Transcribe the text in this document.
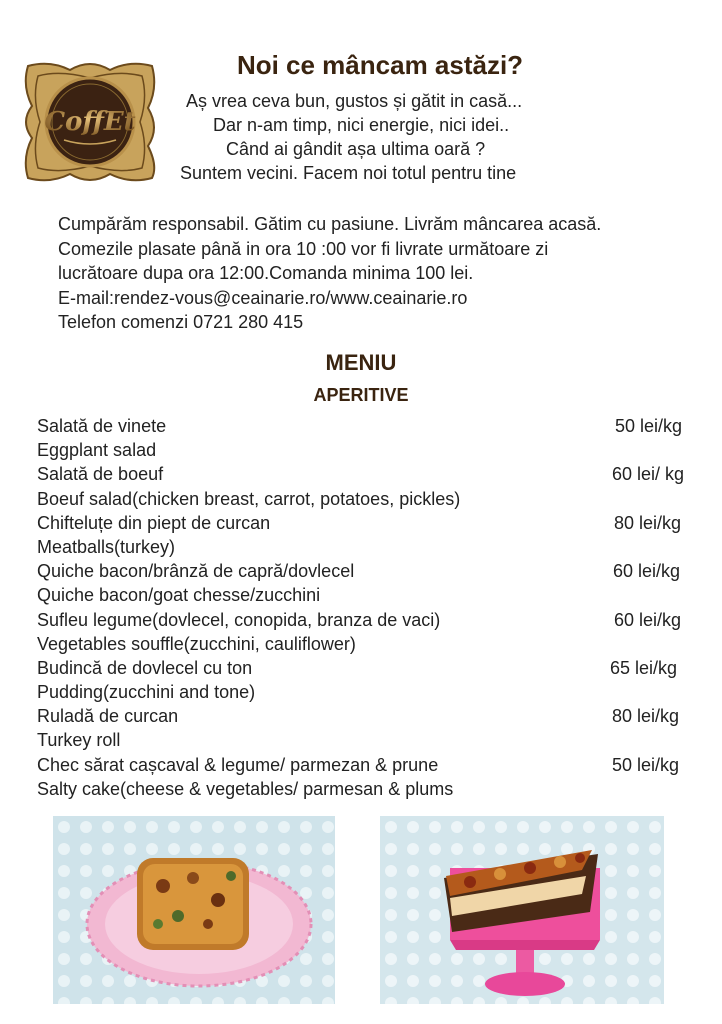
CoffEt
Noi ce mâncam astăzi?
Aș vrea ceva bun, gustos și gătit in casă...
Dar n-am timp, nici energie, nici idei..
Când ai gândit așa ultima oară ?
Suntem vecini. Facem noi totul pentru tine
Cumpărăm responsabil. Gătim cu pasiune. Livrăm mâncarea acasă.
Comezile plasate până in ora 10 :00 vor fi livrate următoare zi
lucrătoare dupa ora 12:00.Comanda minima 100 lei.
E-mail:rendez-vous@ceainarie.ro/www.ceainarie.ro
Telefon comenzi 0721 280 415
MENIU
APERITIVE
Salată de vinete	50 lei/kg
Eggplant salad
Salată de boeuf	60 lei/ kg
Boeuf salad(chicken breast, carrot, potatoes, pickles)
Chifteluțe din piept de curcan	80 lei/kg
Meatballs(turkey)
Quiche bacon/brânză de capră/dovlecel	60 lei/kg
Quiche bacon/goat chesse/zucchini
Sufleu legume(dovlecel, conopida, branza de vaci)	60 lei/kg
Vegetables souffle(zucchini, cauliflower)
Budincă de dovlecel cu ton	65 lei/kg
Pudding(zucchini and tone)
Ruladă de curcan	80 lei/kg
Turkey roll
Chec sărat cașcaval & legume/ parmezan & prune	50 lei/kg
Salty cake(cheese & vegetables/ parmesan & plums
